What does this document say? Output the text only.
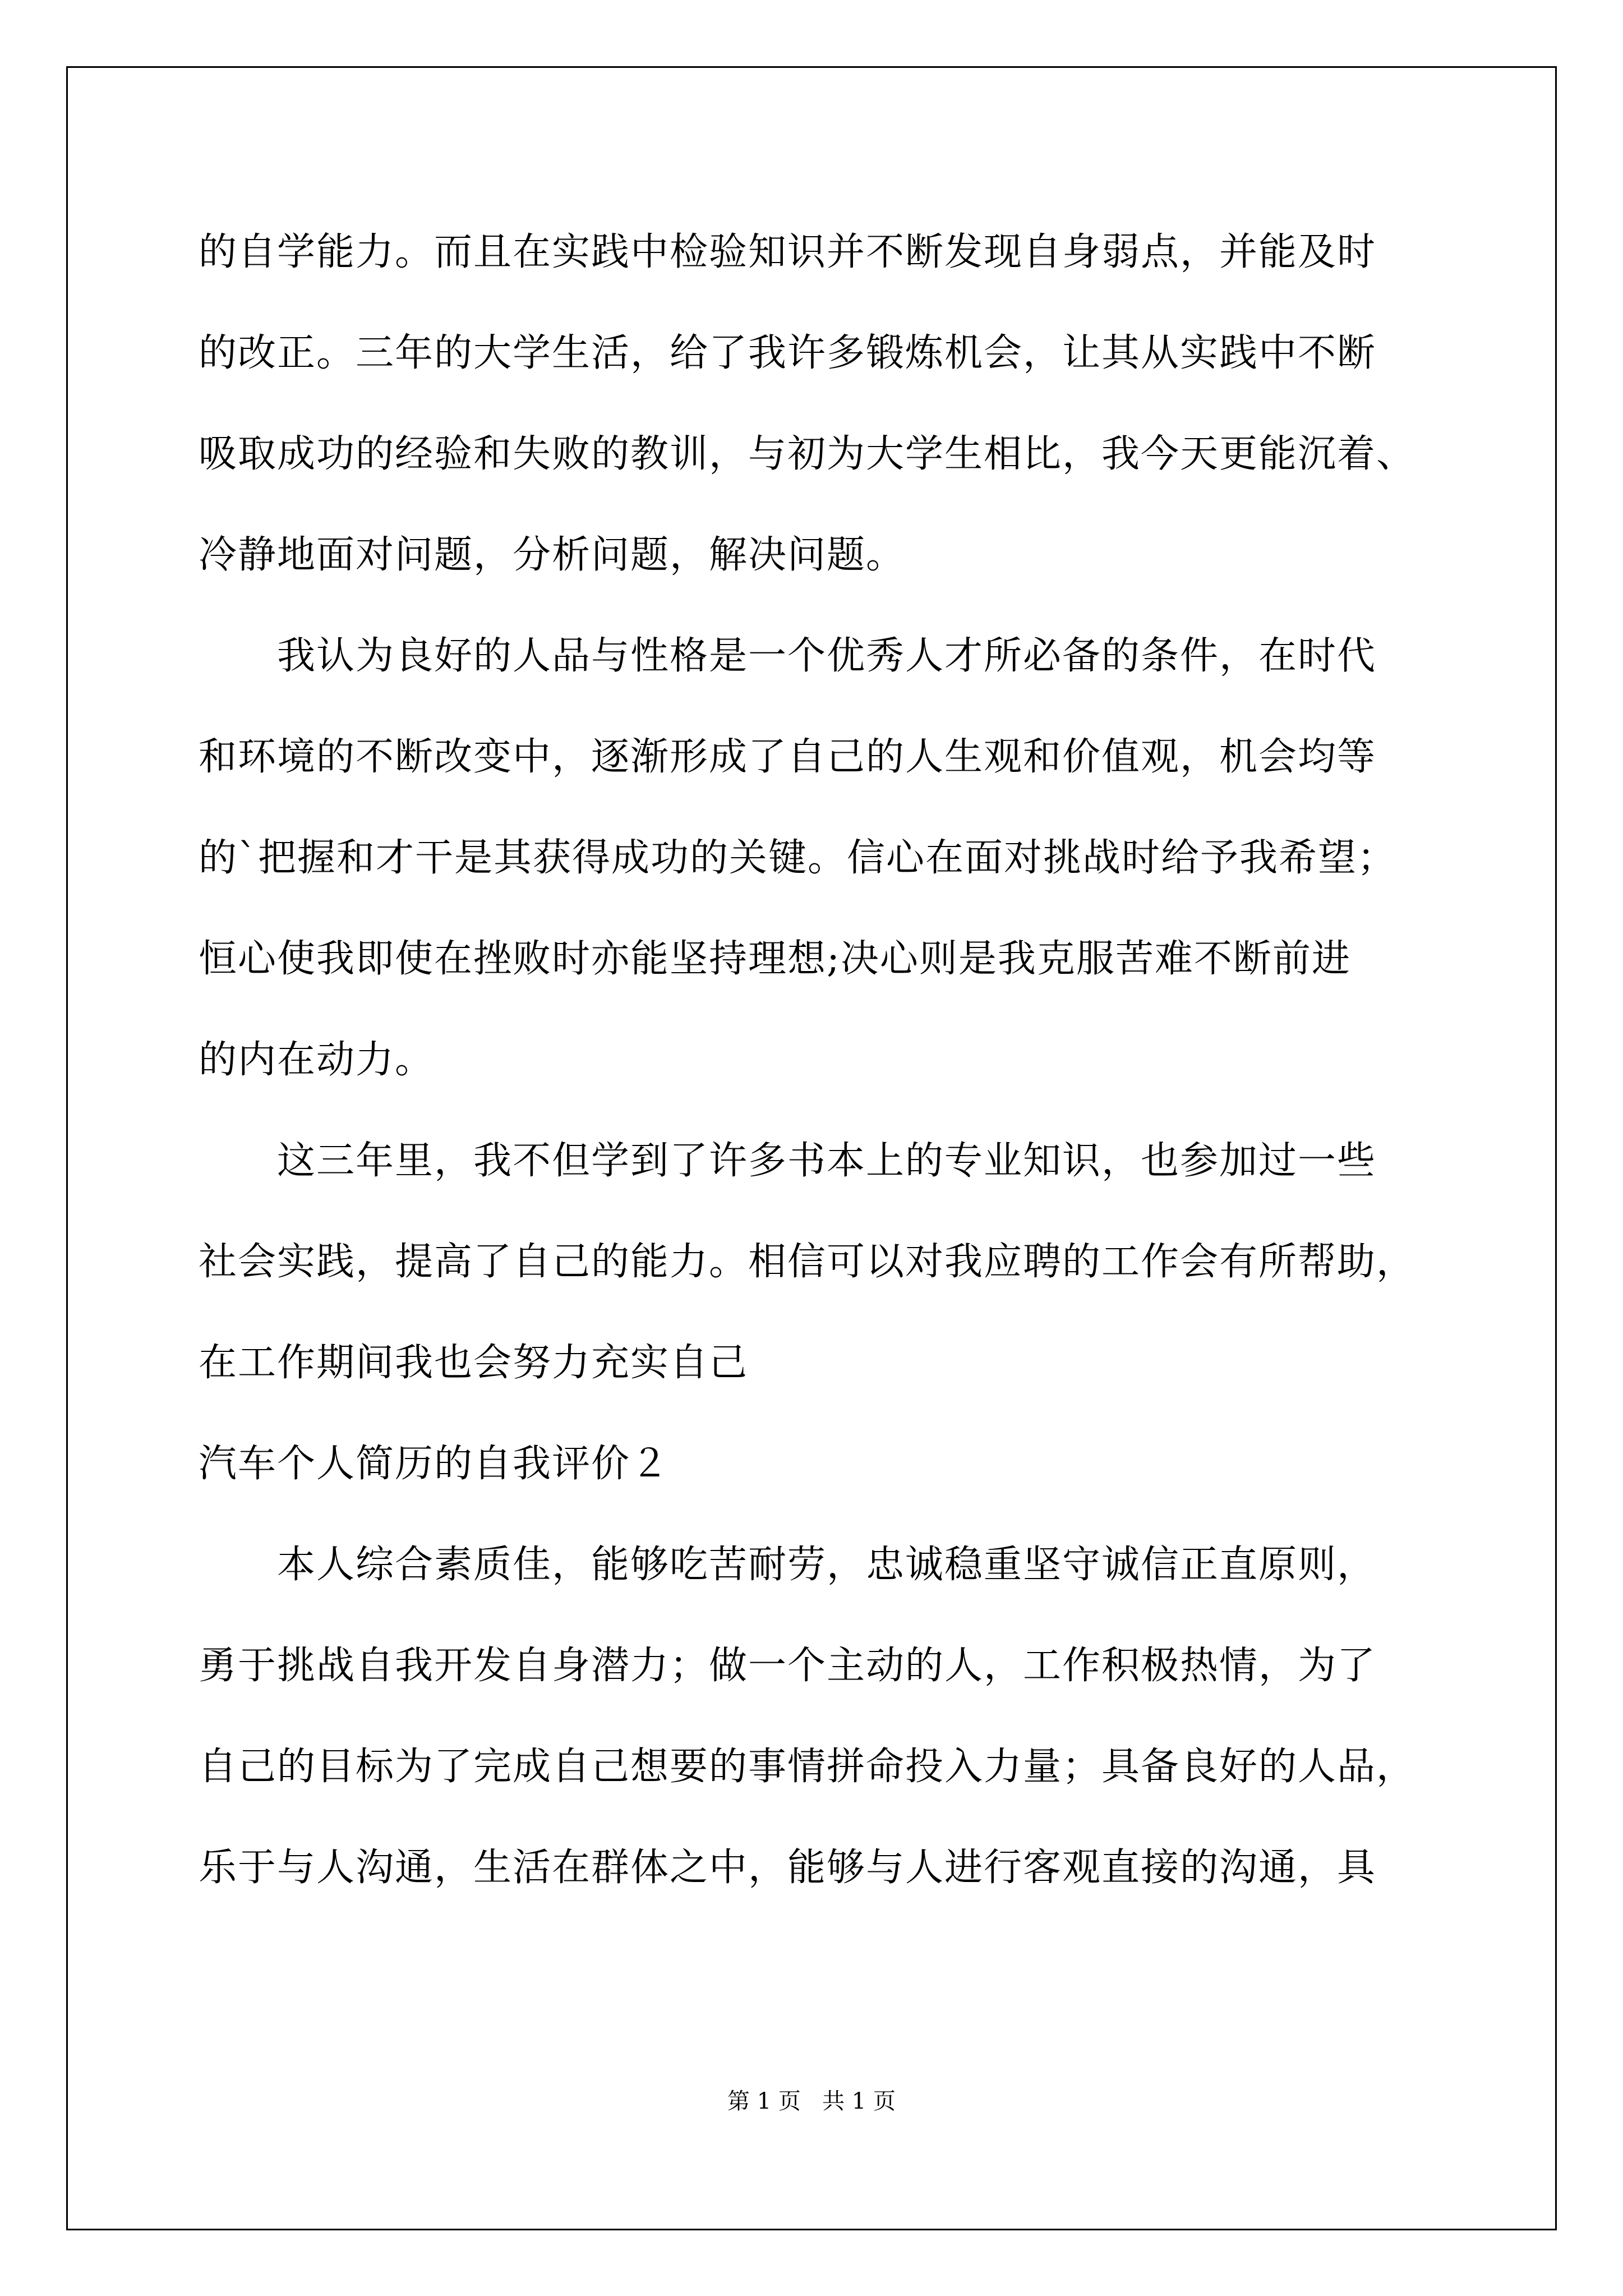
的自学能力。而且在实践中检验知识并不断发现自身弱点，并能及时
的改正。三年的大学生活，给了我许多锻炼机会，让其从实践中不断
吸取成功的经验和失败的教训，与初为大学生相比，我今天更能沉着、
冷静地面对问题，分析问题，解决问题。
我认为良好的人品与性格是一个优秀人才所必备的条件，在时代
和环境的不断改变中，逐渐形成了自己的人生观和价值观，机会均等
的`把握和才干是其获得成功的关键。信心在面对挑战时给予我希望；
恒心使我即使在挫败时亦能坚持理想;决心则是我克服苦难不断前进
的内在动力。
这三年里，我不但学到了许多书本上的专业知识，也参加过一些
社会实践，提高了自己的能力。相信可以对我应聘的工作会有所帮助，
在工作期间我也会努力充实自己
汽车个人简历的自我评价２
本人综合素质佳，能够吃苦耐劳，忠诚稳重坚守诚信正直原则，
勇于挑战自我开发自身潜力；做一个主动的人，工作积极热情，为了
自己的目标为了完成自己想要的事情拼命投入力量；具备良好的人品，
乐于与人沟通，生活在群体之中，能够与人进行客观直接的沟通，具
第 1 页   共 1 页
